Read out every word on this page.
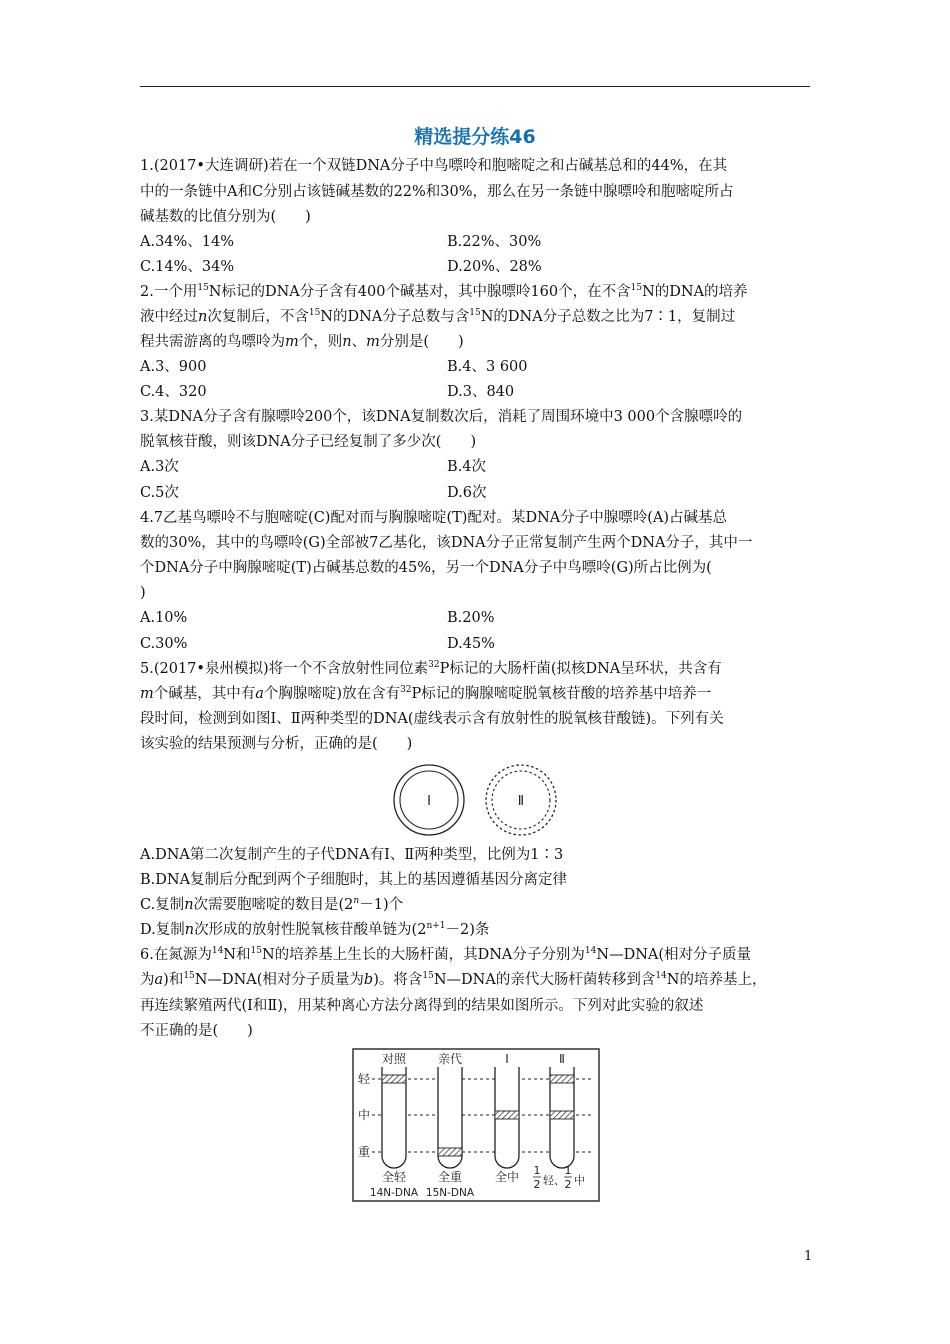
精选提分练46
1.(2017•大连调研)若在一个双链DNA分子中鸟嘌呤和胞嘧啶之和占碱基总和的44%，在其
中的一条链中A和C分别占该链碱基数的22%和30%，那么在另一条链中腺嘌呤和胞嘧啶所占
碱基数的比值分别为(　　)
A.34%、14%	B.22%、30%
C.14%、34%	D.20%、28%
2.一个用$^{15}$N标记的DNA分子含有400个碱基对，其中腺嘌呤160个，在不含$^{15}$N的DNA的培养
液中经过n次复制后，不含$^{15}$N的DNA分子总数与含$^{15}$N的DNA分子总数之比为7∶1，复制过
程共需游离的鸟嘌呤为m个，则n、m分别是(　　)
A.3、900	B.4、3 600
C.4、320	D.3、840
3.某DNA分子含有腺嘌呤200个，该DNA复制数次后，消耗了周围环境中3 000个含腺嘌呤的
脱氧核苷酸，则该DNA分子已经复制了多少次(　　)
A.3次	B.4次
C.5次	D.6次
4.7乙基鸟嘌呤不与胞嘧啶(C)配对而与胸腺嘧啶(T)配对。某DNA分子中腺嘌呤(A)占碱基总
数的30%，其中的鸟嘌呤(G)全部被7乙基化，该DNA分子正常复制产生两个DNA分子，其中一
个DNA分子中胸腺嘧啶(T)占碱基总数的45%，另一个DNA分子中鸟嘌呤(G)所占比例为(
)
A.10%	B.20%
C.30%	D.45%
5.(2017•泉州模拟)将一个不含放射性同位素$^{32}$P标记的大肠杆菌(拟核DNA呈环状，共含有
m个碱基，其中有a个胸腺嘧啶)放在含有$^{32}$P标记的胸腺嘧啶脱氧核苷酸的培养基中培养一
段时间，检测到如图Ⅰ、Ⅱ两种类型的DNA(虚线表示含有放射性的脱氧核苷酸链)。下列有关
该实验的结果预测与分析，正确的是(　　)
Ⅰ	Ⅱ
A.DNA第二次复制产生的子代DNA有Ⅰ、Ⅱ两种类型，比例为1∶3
B.DNA复制后分配到两个子细胞时，其上的基因遵循基因分离定律
C.复制n次需要胞嘧啶的数目是$(2^n-1)$个
D.复制n次形成的放射性脱氧核苷酸单链为$(2^{n+1}-2)$条
6.在氮源为$^{14}$N和$^{15}$N的培养基上生长的大肠杆菌，其DNA分子分别为$^{14}$N—DNA(相对分子质量
为a)和$^{15}$N—DNA(相对分子质量为b)。将含$^{15}$N—DNA的亲代大肠杆菌转移到含$^{14}$N的培养基上，
再连续繁殖两代(Ⅰ和Ⅱ)，用某种离心方法分离得到的结果如图所示。下列对此实验的叙述
不正确的是(　　)
对照	亲代	Ⅰ	Ⅱ
轻
中
重
全轻	全重	全中
14N-DNA 15N-DNA
1
2 轻、
1
2 中
1
